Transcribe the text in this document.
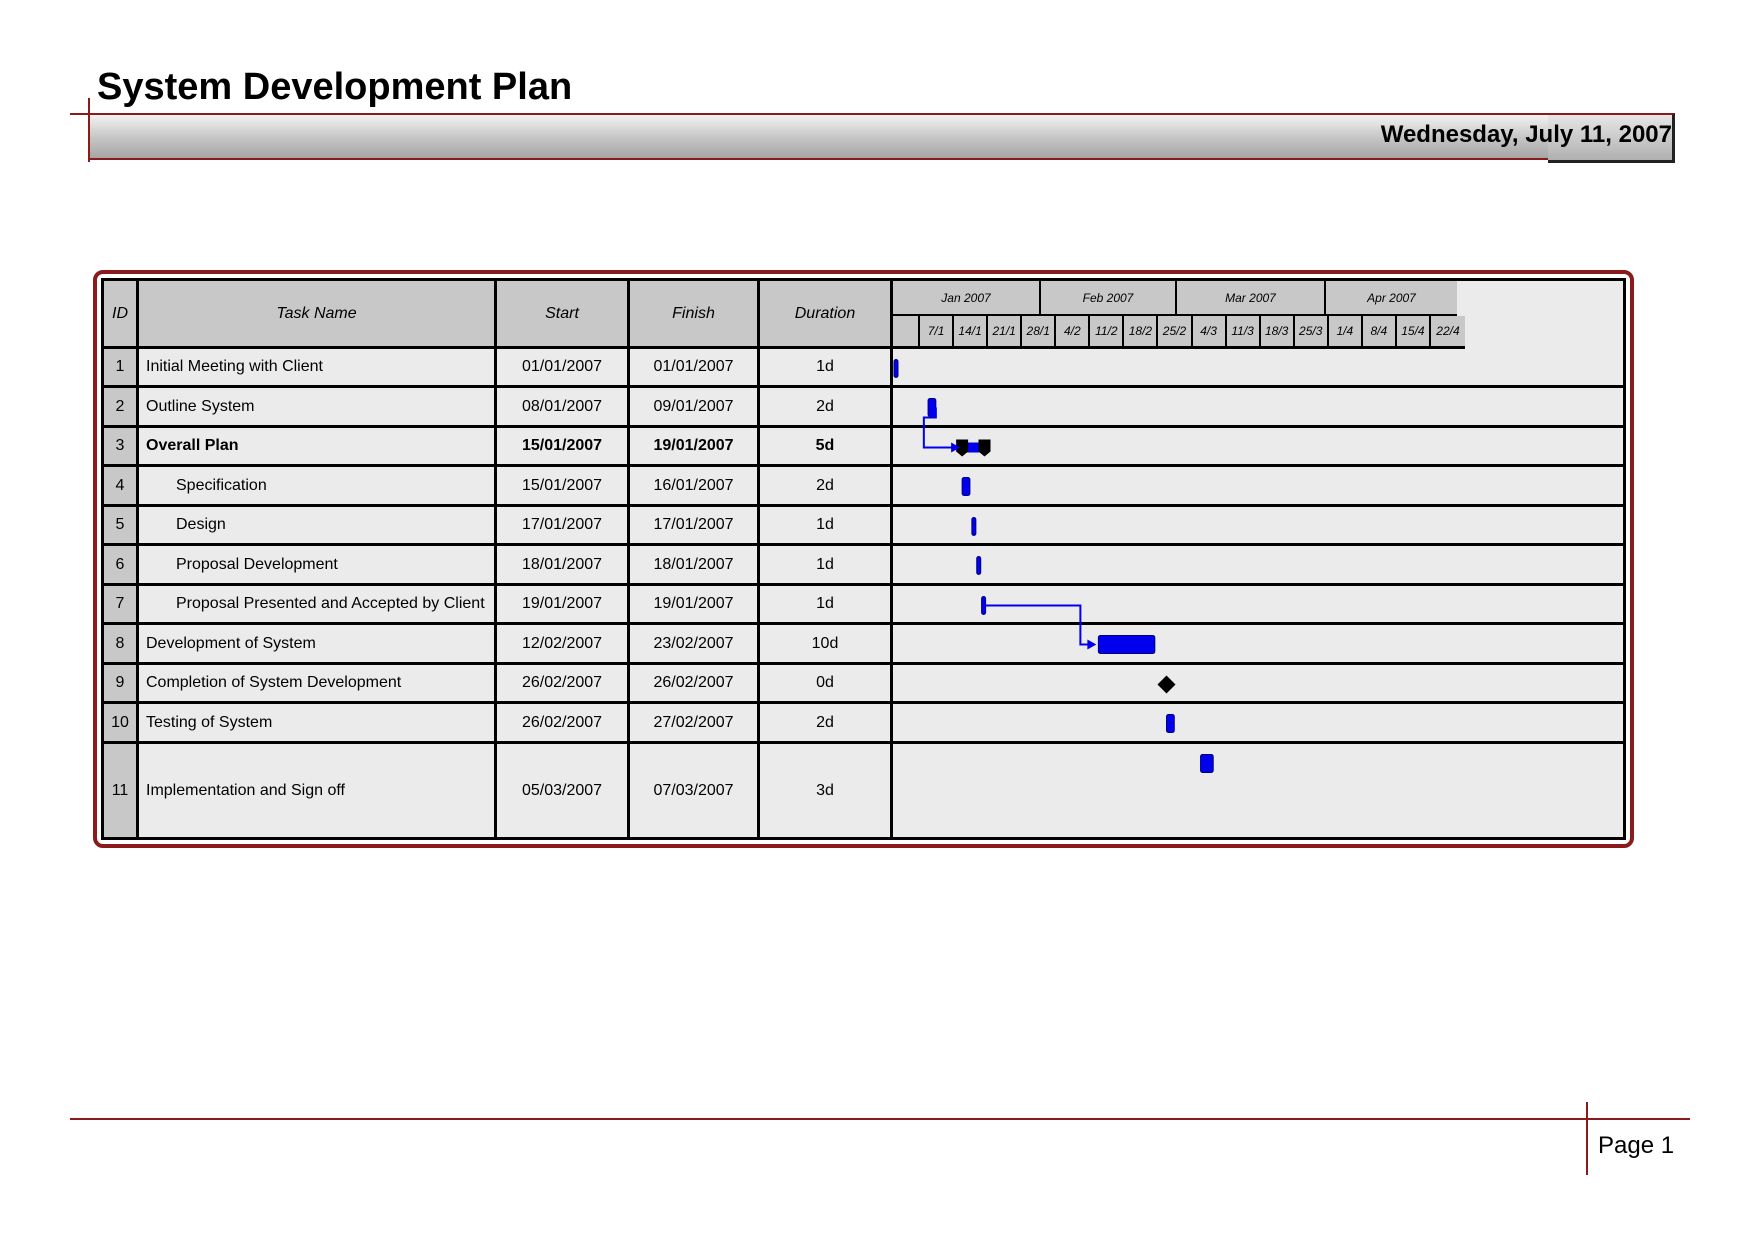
System Development Plan
Wednesday, July 11, 2007
ID	Task Name	Start	Finish	Duration
Jan 2007	Feb 2007	Mar 2007	Apr 2007
7/1	14/1 21/1 28/1	4/2	11/2 18/2 25/2	4/3	11/3 18/3 25/3	1/4	8/4	15/4 22/4
1	Initial Meeting with Client	01/01/2007	01/01/2007	1d
2	Outline System	08/01/2007	09/01/2007	2d
3	Overall Plan	15/01/2007	19/01/2007	5d
4	Specification	15/01/2007	16/01/2007	2d
5	Design	17/01/2007	17/01/2007	1d
6	Proposal Development	18/01/2007	18/01/2007	1d
7	Proposal Presented and Accepted by Client	19/01/2007	19/01/2007	1d
8	Development of System	12/02/2007	23/02/2007	10d
9	Completion of System Development	26/02/2007	26/02/2007	0d
10	Testing of System	26/02/2007	27/02/2007	2d
11	Implementation and Sign off	05/03/2007	07/03/2007	3d
Page 1
